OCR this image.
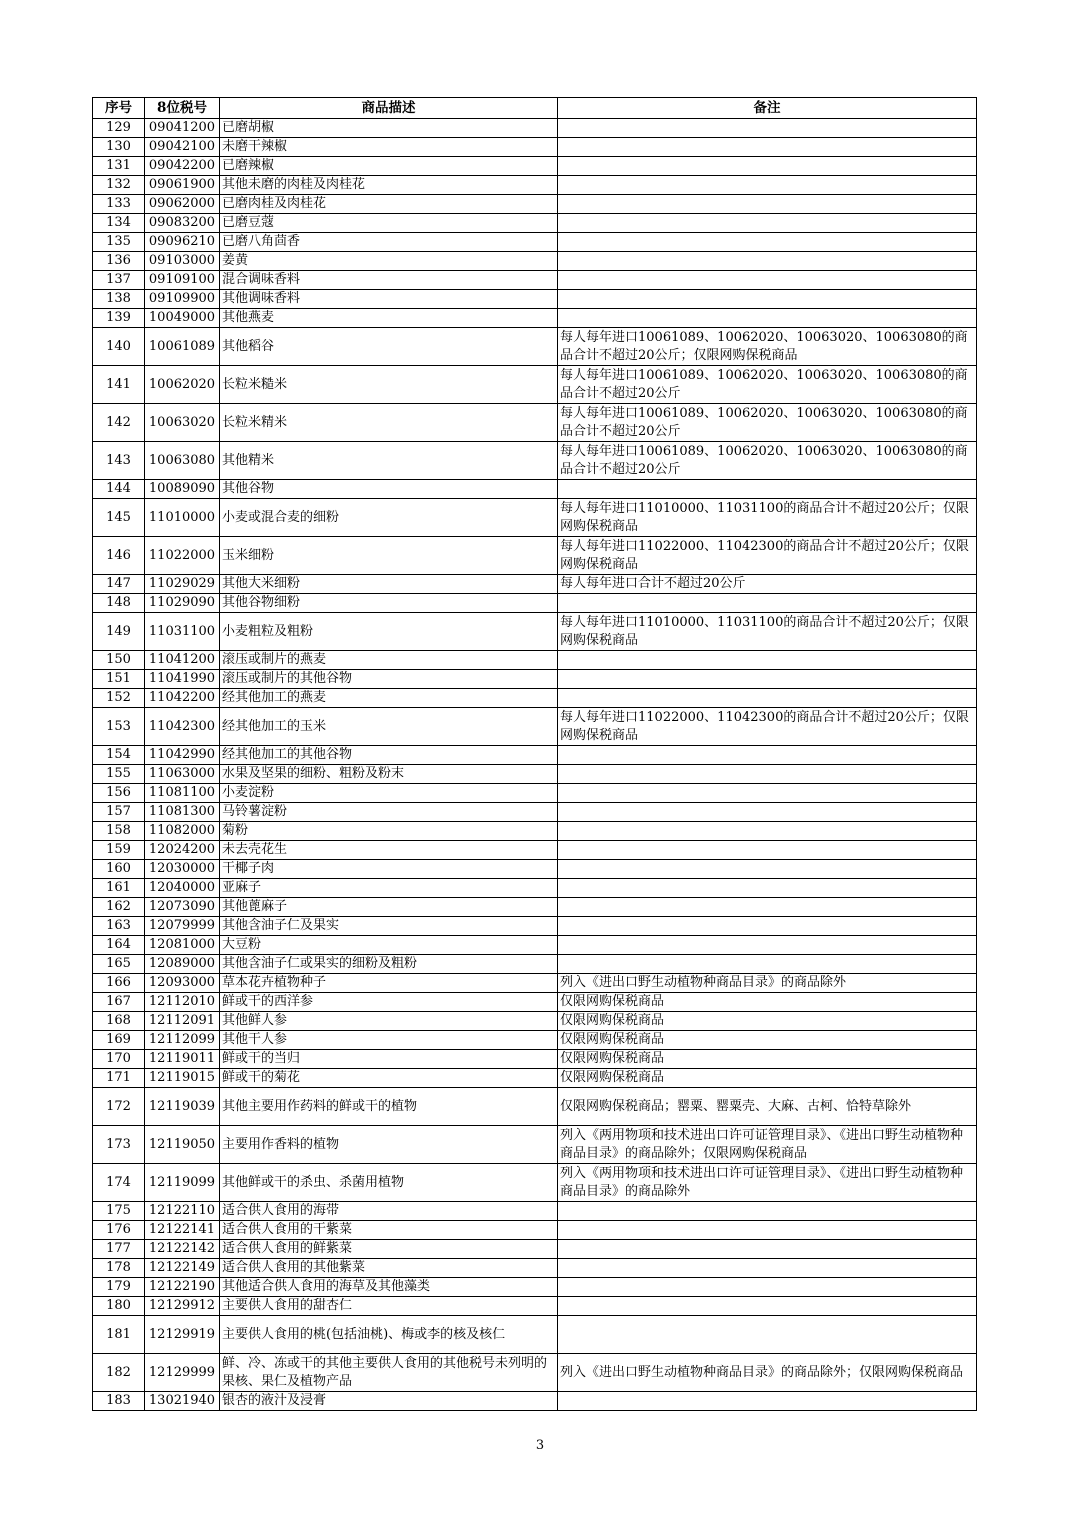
序号	8位税号	商品描述	备注
129	09041200	已磨胡椒	
130	09042100	未磨干辣椒	
131	09042200	已磨辣椒	
132	09061900	其他未磨的肉桂及肉桂花	
133	09062000	已磨肉桂及肉桂花	
134	09083200	已磨豆蔻	
135	09096210	已磨八角茴香	
136	09103000	姜黄	
137	09109100	混合调味香料	
138	09109900	其他调味香料	
139	10049000	其他燕麦	
140	10061089	其他稻谷	每人每年进口10061089、10062020、10063020、10063080的商品合计不超过20公斤；仅限网购保税商品
141	10062020	长粒米糙米	每人每年进口10061089、10062020、10063020、10063080的商品合计不超过20公斤
142	10063020	长粒米精米	每人每年进口10061089、10062020、10063020、10063080的商品合计不超过20公斤
143	10063080	其他精米	每人每年进口10061089、10062020、10063020、10063080的商品合计不超过20公斤
144	10089090	其他谷物	
145	11010000	小麦或混合麦的细粉	每人每年进口11010000、11031100的商品合计不超过20公斤；仅限网购保税商品
146	11022000	玉米细粉	每人每年进口11022000、11042300的商品合计不超过20公斤；仅限网购保税商品
147	11029029	其他大米细粉	每人每年进口合计不超过20公斤
148	11029090	其他谷物细粉	
149	11031100	小麦粗粒及粗粉	每人每年进口11010000、11031100的商品合计不超过20公斤；仅限网购保税商品
150	11041200	滚压或制片的燕麦	
151	11041990	滚压或制片的其他谷物	
152	11042200	经其他加工的燕麦	
153	11042300	经其他加工的玉米	每人每年进口11022000、11042300的商品合计不超过20公斤；仅限网购保税商品
154	11042990	经其他加工的其他谷物	
155	11063000	水果及坚果的细粉、粗粉及粉末	
156	11081100	小麦淀粉	
157	11081300	马铃薯淀粉	
158	11082000	菊粉	
159	12024200	未去壳花生	
160	12030000	干椰子肉	
161	12040000	亚麻子	
162	12073090	其他蓖麻子	
163	12079999	其他含油子仁及果实	
164	12081000	大豆粉	
165	12089000	其他含油子仁或果实的细粉及粗粉	
166	12093000	草本花卉植物种子	列入《进出口野生动植物种商品目录》的商品除外
167	12112010	鲜或干的西洋参	仅限网购保税商品
168	12112091	其他鲜人参	仅限网购保税商品
169	12112099	其他干人参	仅限网购保税商品
170	12119011	鲜或干的当归	仅限网购保税商品
171	12119015	鲜或干的菊花	仅限网购保税商品
172	12119039	其他主要用作药料的鲜或干的植物	仅限网购保税商品；罂粟、罂粟壳、大麻、古柯、恰特草除外
173	12119050	主要用作香料的植物	列入《两用物项和技术进出口许可证管理目录》、《进出口野生动植物种商品目录》的商品除外；仅限网购保税商品
174	12119099	其他鲜或干的杀虫、杀菌用植物	列入《两用物项和技术进出口许可证管理目录》、《进出口野生动植物种商品目录》的商品除外
175	12122110	适合供人食用的海带	
176	12122141	适合供人食用的干紫菜	
177	12122142	适合供人食用的鲜紫菜	
178	12122149	适合供人食用的其他紫菜	
179	12122190	其他适合供人食用的海草及其他藻类	
180	12129912	主要供人食用的甜杏仁	
181	12129919	主要供人食用的桃(包括油桃)、梅或李的核及核仁	
182	12129999	鲜、冷、冻或干的其他主要供人食用的其他税号未列明的果核、果仁及植物产品	列入《进出口野生动植物种商品目录》的商品除外；仅限网购保税商品
183	13021940	银杏的液汁及浸膏	
3
